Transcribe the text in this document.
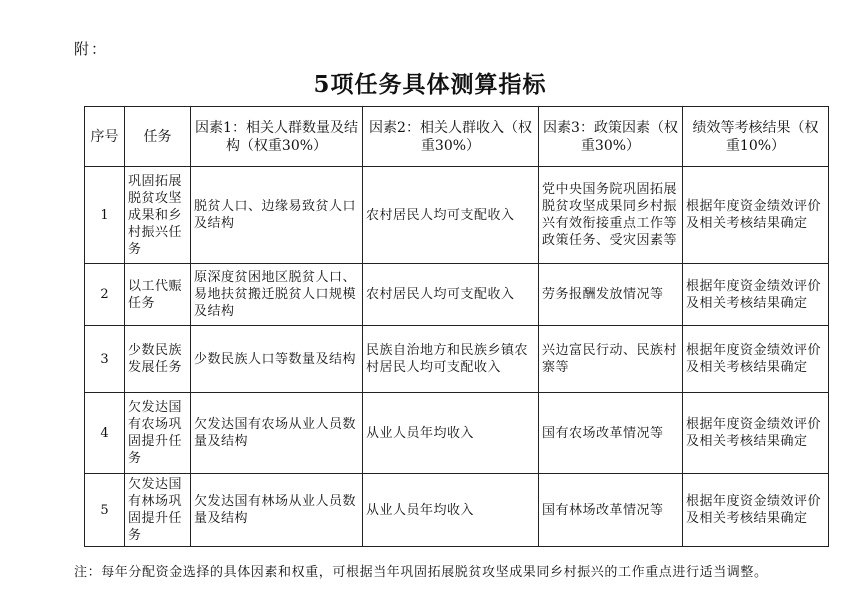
附：
5项任务具体测算指标
序号	任务	因素1：相关人群数量及结构（权重30%）	因素2：相关人群收入（权重30%）	因素3：政策因素（权重30%）	绩效等考核结果（权重10%）
1	巩固拓展脱贫攻坚成果和乡村振兴任务	脱贫人口、边缘易致贫人口及结构	农村居民人均可支配收入	党中央国务院巩固拓展脱贫攻坚成果同乡村振兴有效衔接重点工作等政策任务、受灾因素等	根据年度资金绩效评价及相关考核结果确定
2	以工代赈任务	原深度贫困地区脱贫人口、易地扶贫搬迁脱贫人口规模及结构	农村居民人均可支配收入	劳务报酬发放情况等	根据年度资金绩效评价及相关考核结果确定
3	少数民族发展任务	少数民族人口等数量及结构	民族自治地方和民族乡镇农村居民人均可支配收入	兴边富民行动、民族村寨等	根据年度资金绩效评价及相关考核结果确定
4	欠发达国有农场巩固提升任务	欠发达国有农场从业人员数量及结构	从业人员年均收入	国有农场改革情况等	根据年度资金绩效评价及相关考核结果确定
5	欠发达国有林场巩固提升任务	欠发达国有林场从业人员数量及结构	从业人员年均收入	国有林场改革情况等	根据年度资金绩效评价及相关考核结果确定
注：每年分配资金选择的具体因素和权重，可根据当年巩固拓展脱贫攻坚成果同乡村振兴的工作重点进行适当调整。
